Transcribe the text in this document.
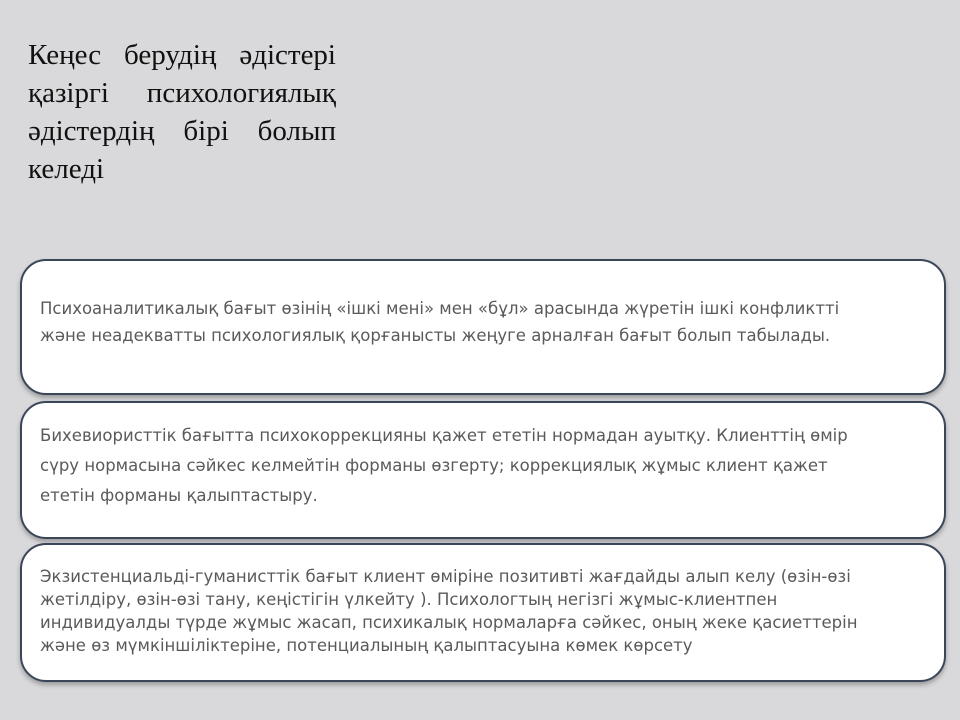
Кеңес берудің әдістері қазіргі психологиялық әдістердің бірі болып келеді

Психоаналитикалық бағыт өзінің «ішкі мені» мен «бұл» арасында жүретін ішкі конфликтті
және неадекватты психологиялық қорғанысты жеңуге арналған бағыт болып табылады.

Бихевиористтік бағытта психокоррекцияны қажет ететін нормадан ауытқу. Клиенттің өмір
сүру нормасына сәйкес келмейтін форманы өзгерту; коррекциялық жұмыс клиент қажет
ететін форманы қалыптастыру.

Экзистенциальді-гуманисттік бағыт клиент өміріне позитивті жағдайды алып келу (өзін-өзі
жетілдіру, өзін-өзі тану, кеңістігін үлкейту ). Психологтың негізгі жұмыс-клиентпен
индивидуалды түрде жұмыс жасап, психикалық нормаларға сәйкес, оның жеке қасиеттерін
және өз мүмкіншіліктеріне, потенциалының қалыптасуына көмек көрсету
